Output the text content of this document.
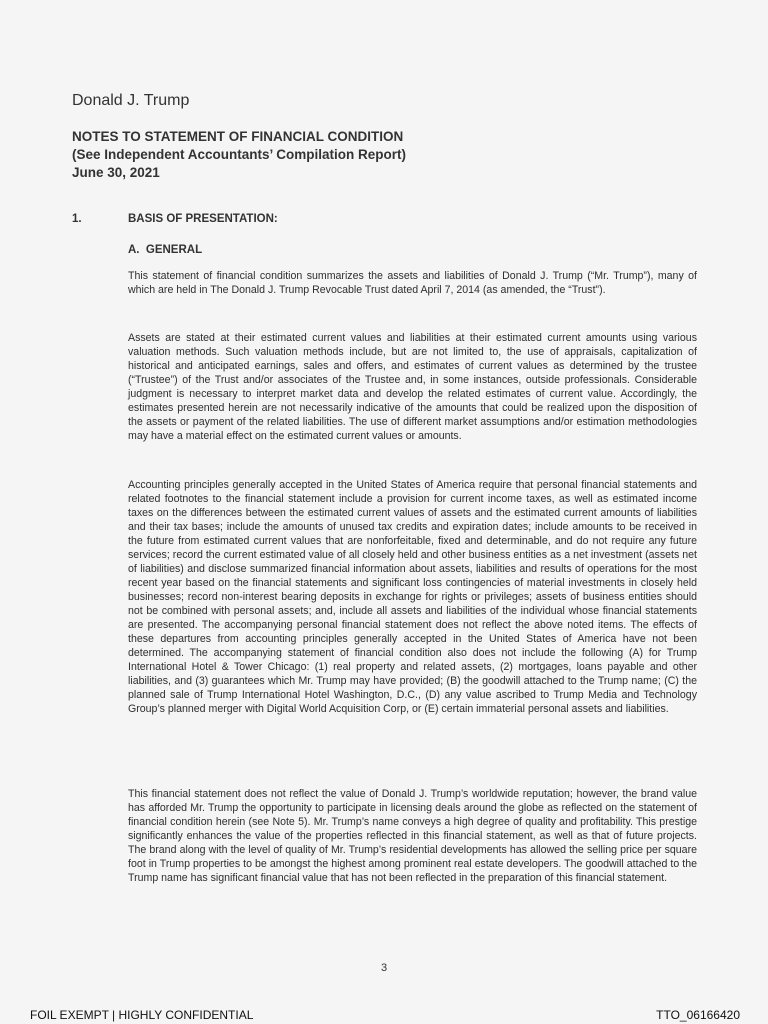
Donald J. Trump
NOTES TO STATEMENT OF FINANCIAL CONDITION
(See Independent Accountants’ Compilation Report)
June 30, 2021
1.	BASIS OF PRESENTATION:
A.  GENERAL

This statement of financial condition summarizes the assets and liabilities of Donald J. Trump (“Mr. Trump”), many of which are held in The Donald J. Trump Revocable Trust dated April 7, 2014 (as amended, the “Trust”).

Assets are stated at their estimated current values and liabilities at their estimated current amounts using various valuation methods. Such valuation methods include, but are not limited to, the use of appraisals, capitalization of historical and anticipated earnings, sales and offers, and estimates of current values as determined by the trustee (“Trustee”) of the Trust and/or associates of the Trustee and, in some instances, outside professionals. Considerable judgment is necessary to interpret market data and develop the related estimates of current value. Accordingly, the estimates presented herein are not necessarily indicative of the amounts that could be realized upon the disposition of the assets or payment of the related liabilities. The use of different market assumptions and/or estimation methodologies may have a material effect on the estimated current values or amounts.

Accounting principles generally accepted in the United States of America require that personal financial statements and related footnotes to the financial statement include a provision for current income taxes, as well as estimated income taxes on the differences between the estimated current values of assets and the estimated current amounts of liabilities and their tax bases; include the amounts of unused tax credits and expiration dates; include amounts to be received in the future from estimated current values that are nonforfeitable, fixed and determinable, and do not require any future services; record the current estimated value of all closely held and other business entities as a net investment (assets net of liabilities) and disclose summarized financial information about assets, liabilities and results of operations for the most recent year based on the financial statements and significant loss contingencies of material investments in closely held businesses; record non-interest bearing deposits in exchange for rights or privileges; assets of business entities should not be combined with personal assets; and, include all assets and liabilities of the individual whose financial statements are presented. The accompanying personal financial statement does not reflect the above noted items. The effects of these departures from accounting principles generally accepted in the United States of America have not been determined. The accompanying statement of financial condition also does not include the following (A) for Trump International Hotel & Tower Chicago: (1) real property and related assets, (2) mortgages, loans payable and other liabilities, and (3) guarantees which Mr. Trump may have provided; (B) the goodwill attached to the Trump name; (C) the planned sale of Trump International Hotel Washington, D.C., (D) any value ascribed to Trump Media and Technology Group’s planned merger with Digital World Acquisition Corp, or (E) certain immaterial personal assets and liabilities.

This financial statement does not reflect the value of Donald J. Trump’s worldwide reputation; however, the brand value has afforded Mr. Trump the opportunity to participate in licensing deals around the globe as reflected on the statement of financial condition herein (see Note 5). Mr. Trump’s name conveys a high degree of quality and profitability. This prestige significantly enhances the value of the properties reflected in this financial statement, as well as that of future projects. The brand along with the level of quality of Mr. Trump’s residential developments has allowed the selling price per square foot in Trump properties to be amongst the highest among prominent real estate developers. The goodwill attached to the Trump name has significant financial value that has not been reflected in the preparation of this financial statement.

3
FOIL EXEMPT | HIGHLY CONFIDENTIAL	TTO_06166420
